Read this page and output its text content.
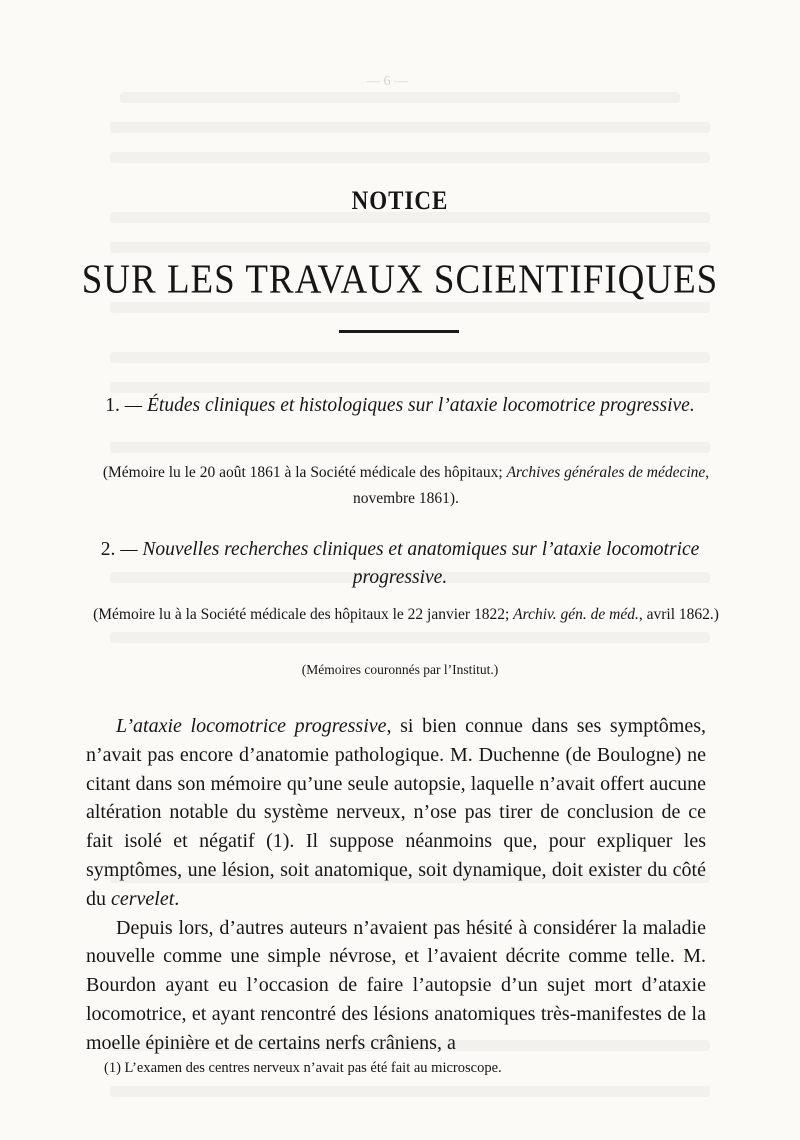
— 6 —
NOTICE
SUR LES TRAVAUX SCIENTIFIQUES
1. — Études cliniques et histologiques sur l’ataxie locomotrice progressive.
(Mémoire lu le 20 août 1861 à la Société médicale des hôpitaux; Archives générales de médecine, novembre 1861).
2. — Nouvelles recherches cliniques et anatomiques sur l’ataxie locomotrice progressive.
(Mémoire lu à la Société médicale des hôpitaux le 22 janvier 1822; Archiv. gén. de méd., avril 1862.)
(Mémoires couronnés par l’Institut.)

L’ataxie locomotrice progressive, si bien connue dans ses symptômes, n’avait pas encore d’anatomie pathologique. M. Duchenne (de Boulogne) ne citant dans son mémoire qu’une seule autopsie, laquelle n’avait offert aucune altération notable du système nerveux, n’ose pas tirer de conclusion de ce fait isolé et négatif (1). Il suppose néanmoins que, pour expliquer les symptômes, une lésion, soit anatomique, soit dynamique, doit exister du côté du cervelet.

Depuis lors, d’autres auteurs n’avaient pas hésité à considérer la maladie nouvelle comme une simple névrose, et l’avaient décrite comme telle. M. Bourdon ayant eu l’occasion de faire l’autopsie d’un sujet mort d’ataxie locomotrice, et ayant rencontré des lésions anatomiques très-manifestes de la moelle épinière et de certains nerfs crâniens, a

(1) L’examen des centres nerveux n’avait pas été fait au microscope.
